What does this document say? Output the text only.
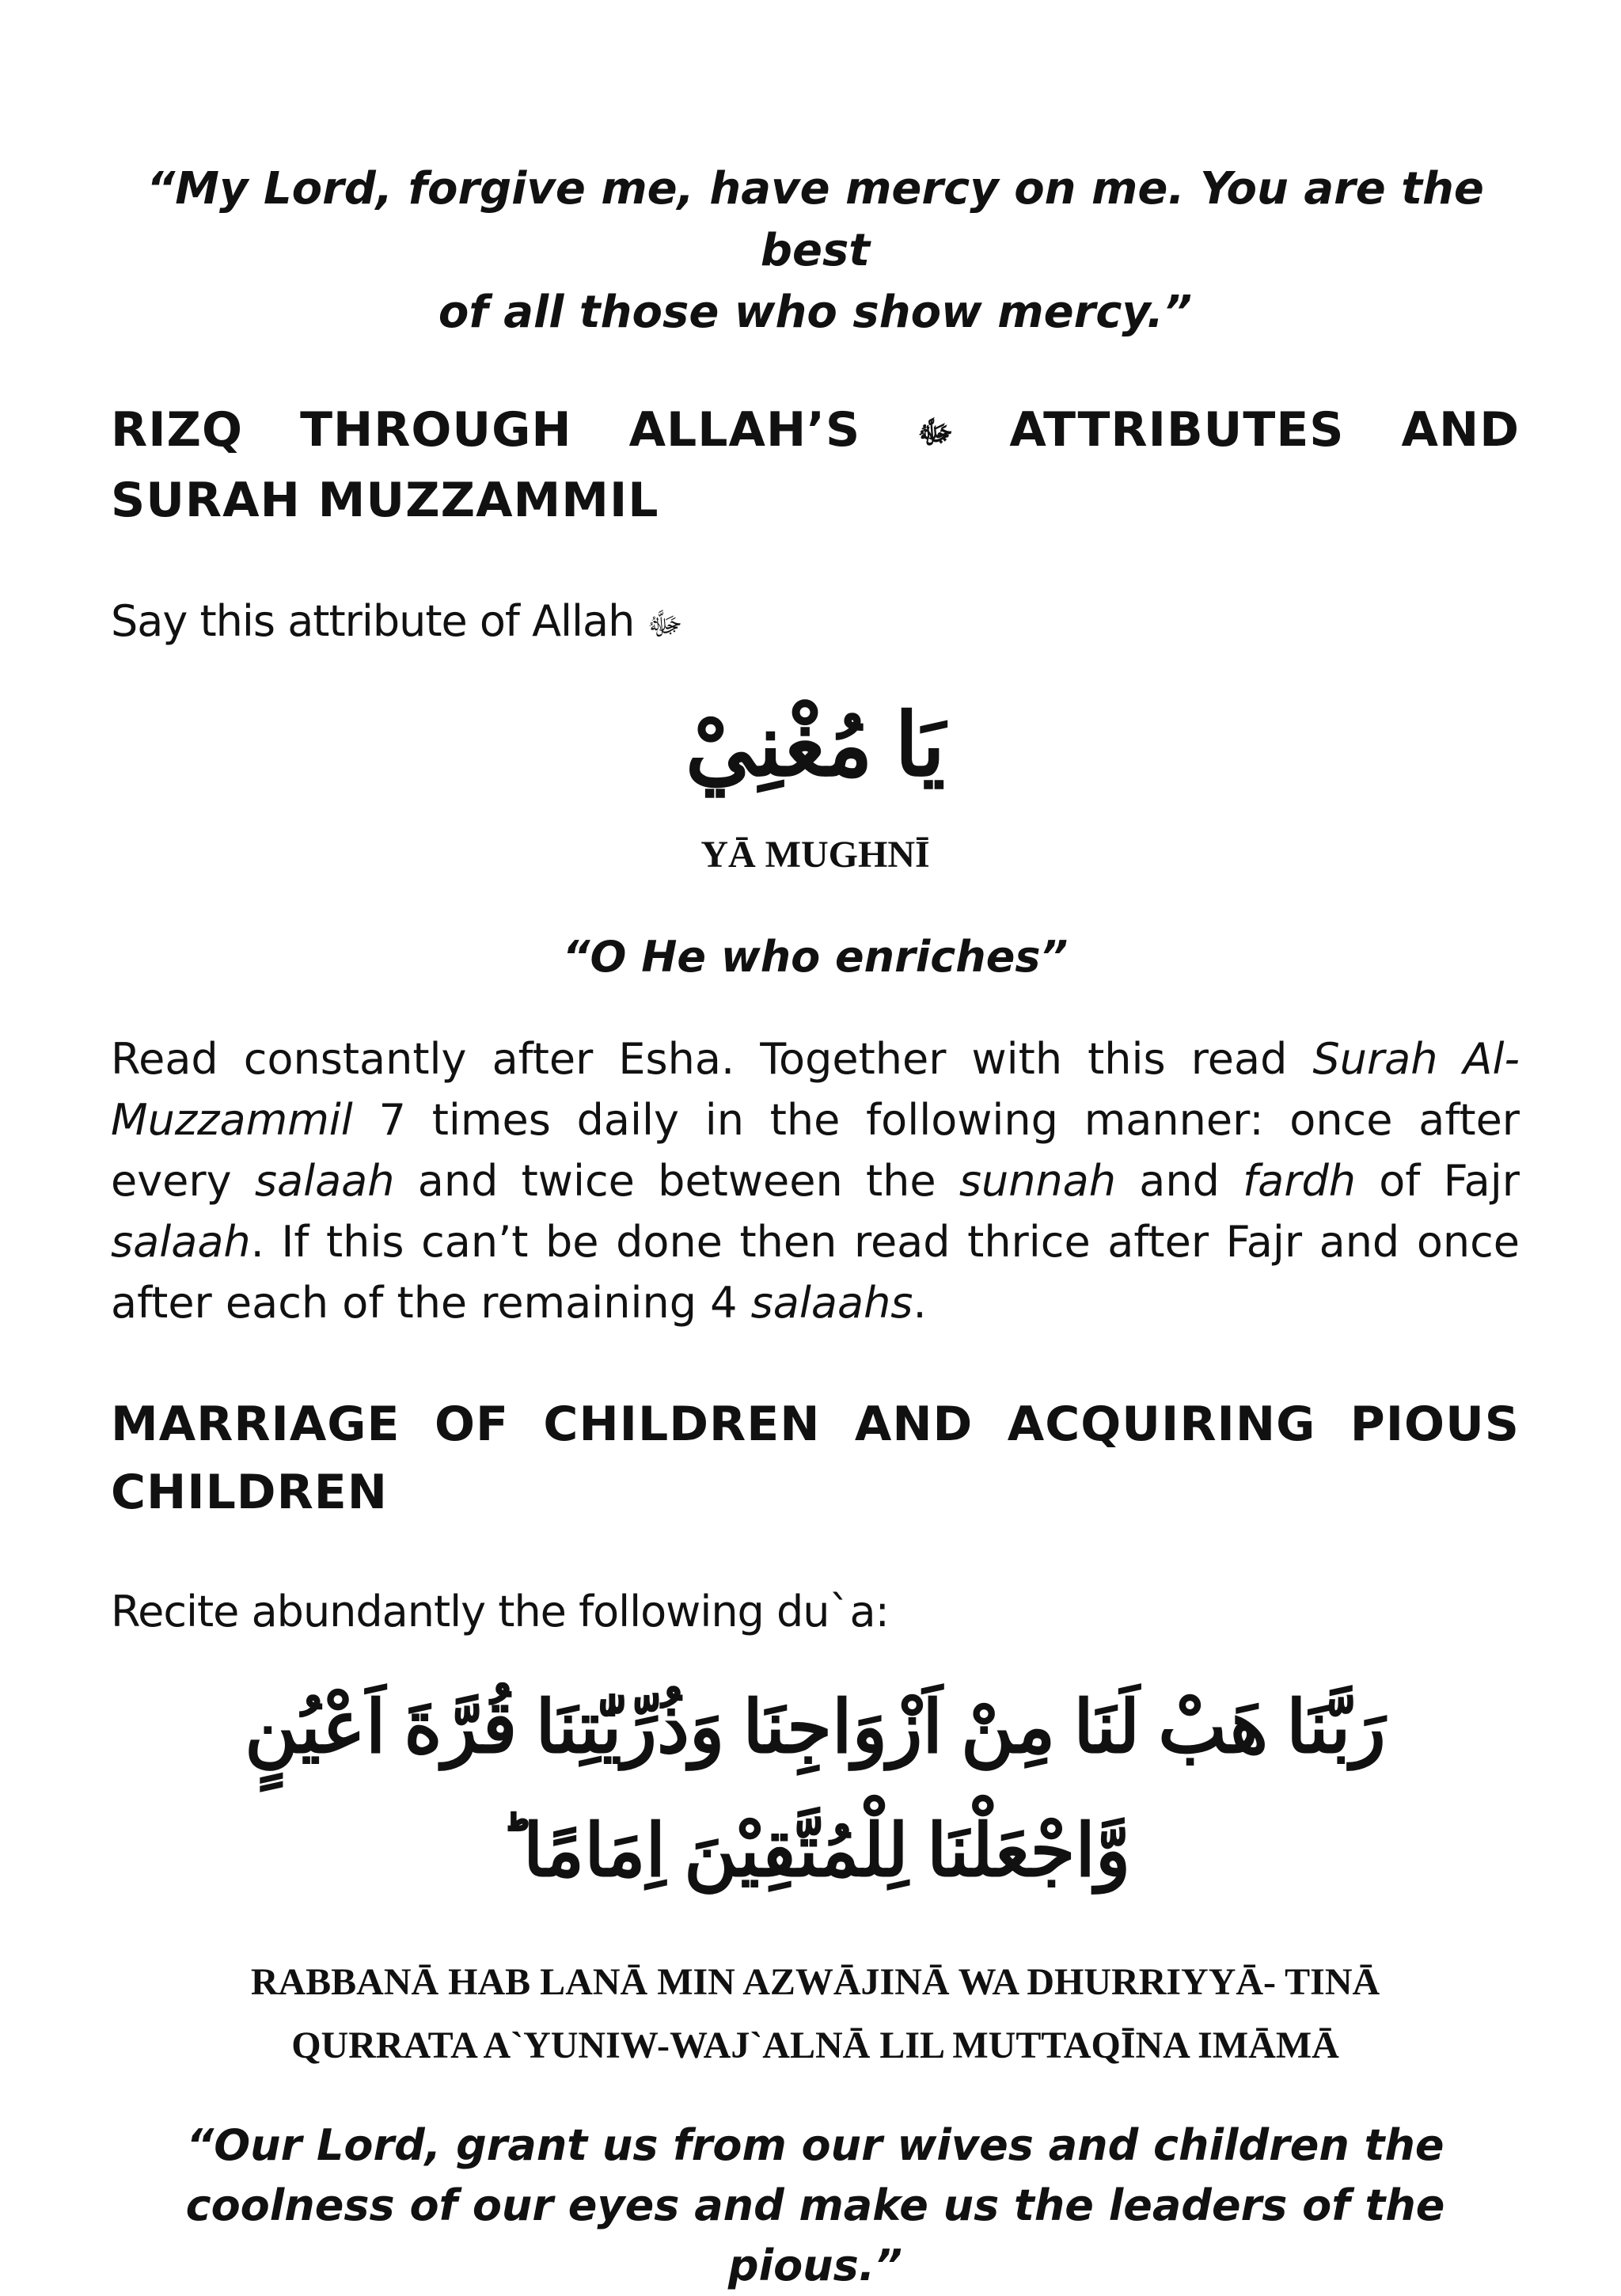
“My Lord, forgive me, have mercy on me. You are the best

of all those who show mercy.”

RIZQ THROUGH ALLAH’S ﷻ ATTRIBUTES AND SURAH MUZZAMMIL

Say this attribute of Allah ﷻ

يَا مُغْنِيْ

YĀ MUGHNĪ

“O He who enriches”

Read constantly after Esha. Together with this read Surah Al-Muzzammil 7 times daily in the following manner: once after every salaah and twice between the sunnah and fardh of Fajr salaah. If this can’t be done then read thrice after Fajr and once after each of the remaining 4 salaahs.

MARRIAGE OF CHILDREN AND ACQUIRING PIOUS CHILDREN

Recite abundantly the following du`a:

رَبَّنَا هَبْ لَنَا مِنْ اَزْوَاجِنَا وَذُرِّيّٰتِنَا قُرَّةَ اَعْيُنٍ

وَّاجْعَلْنَا لِلْمُتَّقِيْنَ اِمَامًا ؕ

RABBANĀ HAB LANĀ MIN AZWĀJINĀ WA DHURRIYYĀ- TINĀ

QURRATA A`YUNIW-WAJ`ALNĀ LIL MUTTAQĪNA IMĀMĀ

“Our Lord, grant us from our wives and children the

coolness of our eyes and make us the leaders of the pious.”
